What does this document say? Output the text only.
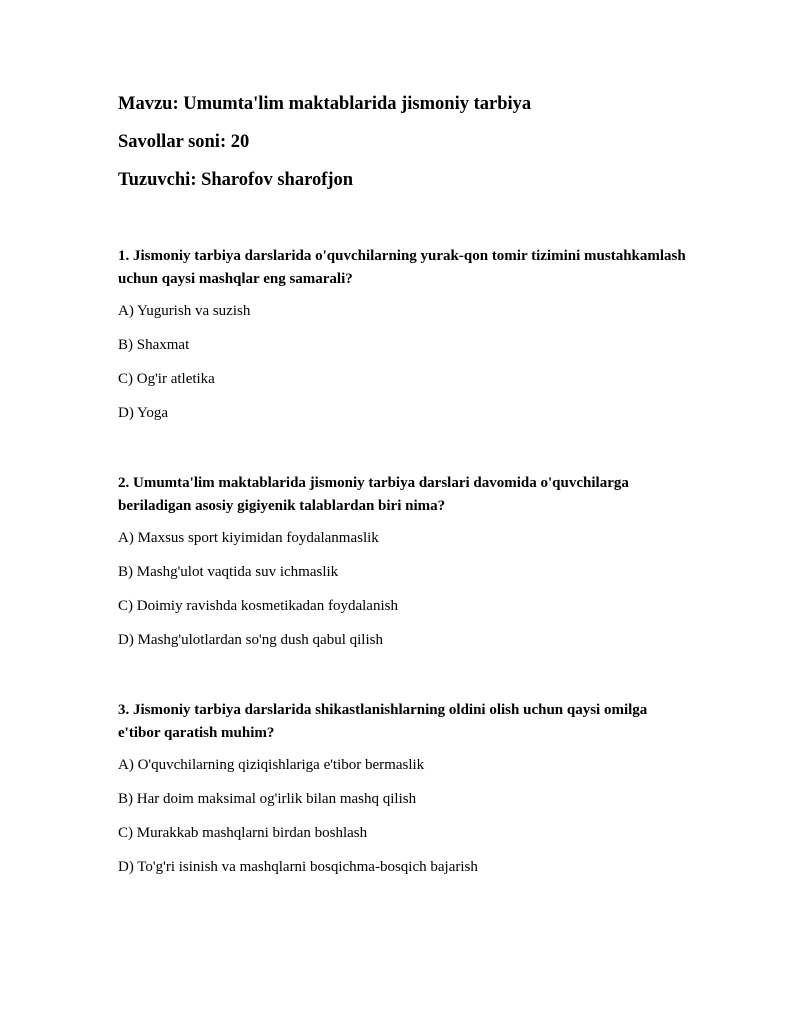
Mavzu: Umumta'lim maktablarida jismoniy tarbiya

Savollar soni: 20

Tuzuvchi: Sharofov sharofjon

1. Jismoniy tarbiya darslarida o'quvchilarning yurak-qon tomir tizimini mustahkamlash uchun qaysi mashqlar eng samarali?

A) Yugurish va suzish

B) Shaxmat

C) Og'ir atletika

D) Yoga

2. Umumta'lim maktablarida jismoniy tarbiya darslari davomida o'quvchilarga beriladigan asosiy gigiyenik talablardan biri nima?

A) Maxsus sport kiyimidan foydalanmaslik

B) Mashg'ulot vaqtida suv ichmaslik

C) Doimiy ravishda kosmetikadan foydalanish

D) Mashg'ulotlardan so'ng dush qabul qilish

3. Jismoniy tarbiya darslarida shikastlanishlarning oldini olish uchun qaysi omilga e'tibor qaratish muhim?

A) O'quvchilarning qiziqishlariga e'tibor bermaslik

B) Har doim maksimal og'irlik bilan mashq qilish

C) Murakkab mashqlarni birdan boshlash

D) To'g'ri isinish va mashqlarni bosqichma-bosqich bajarish
